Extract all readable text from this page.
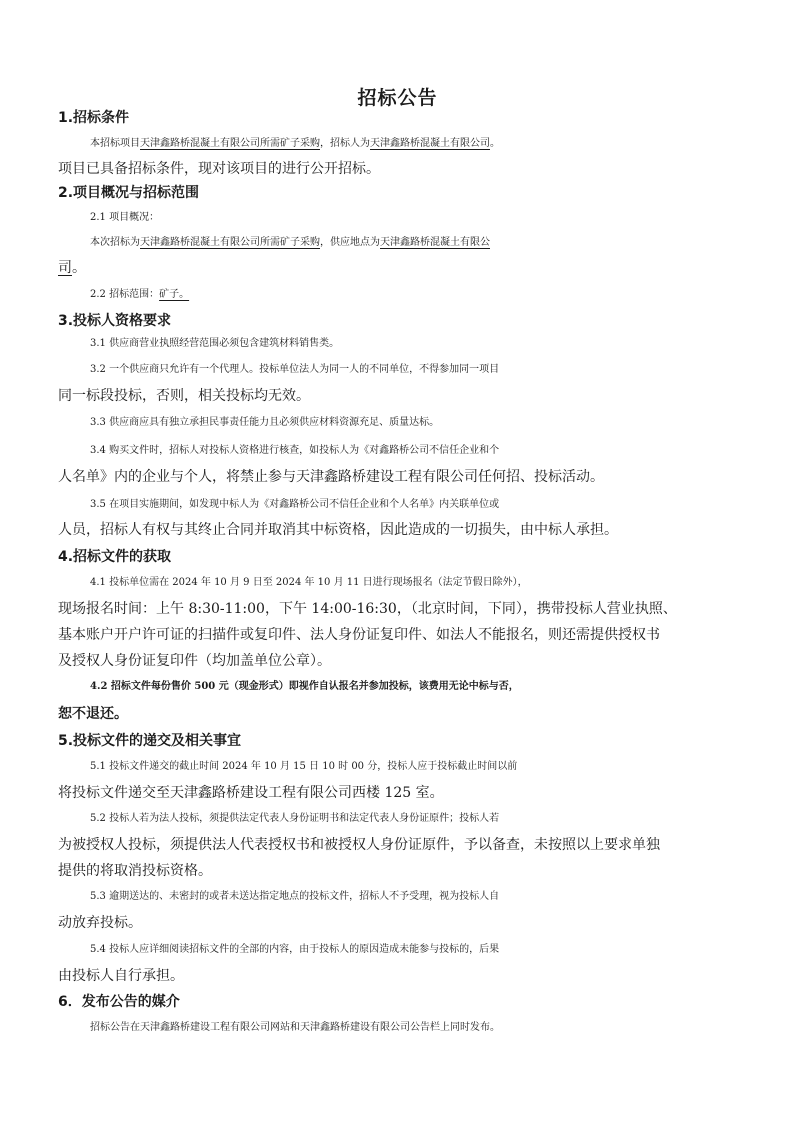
招标公告
1.招标条件
本招标项目天津鑫路桥混凝土有限公司所需矿子采购，招标人为天津鑫路桥混凝土有限公司。
项目已具备招标条件，现对该项目的进行公开招标。
2.项目概况与招标范围
2.1 项目概况：
本次招标为天津鑫路桥混凝土有限公司所需矿子采购，供应地点为天津鑫路桥混凝土有限公
司。
2.2 招标范围：矿子。
3.投标人资格要求
3.1 供应商营业执照经营范围必须包含建筑材料销售类。
3.2 一个供应商只允许有一个代理人。投标单位法人为同一人的不同单位，不得参加同一项目
同一标段投标，否则，相关投标均无效。
3.3 供应商应具有独立承担民事责任能力且必须供应材料资源充足、质量达标。
3.4 购买文件时，招标人对投标人资格进行核查，如投标人为《对鑫路桥公司不信任企业和个
人名单》内的企业与个人，将禁止参与天津鑫路桥建设工程有限公司任何招、投标活动。
3.5 在项目实施期间，如发现中标人为《对鑫路桥公司不信任企业和个人名单》内关联单位或
人员，招标人有权与其终止合同并取消其中标资格，因此造成的一切损失，由中标人承担。
4.招标文件的获取
4.1 投标单位需在 2024 年 10 月 9 日至 2024 年 10 月 11 日进行现场报名（法定节假日除外），
现场报名时间：上午 8:30-11:00，下午 14:00-16:30，（北京时间，下同），携带投标人营业执照、
基本账户开户许可证的扫描件或复印件、法人身份证复印件、如法人不能报名，则还需提供授权书
及授权人身份证复印件（均加盖单位公章）。
4.2 招标文件每份售价 500 元（现金形式）即视作自认报名并参加投标，该费用无论中标与否，
恕不退还。
5.投标文件的递交及相关事宜
5.1 投标文件递交的截止时间 2024 年 10 月 15 日 10 时 00 分，投标人应于投标截止时间以前
将投标文件递交至天津鑫路桥建设工程有限公司西楼 125 室。
5.2 投标人若为法人投标，须提供法定代表人身份证明书和法定代表人身份证原件；投标人若
为被授权人投标，须提供法人代表授权书和被授权人身份证原件，予以备查，未按照以上要求单独
提供的将取消投标资格。
5.3 逾期送达的、未密封的或者未送达指定地点的投标文件，招标人不予受理，视为投标人自
动放弃投标。
5.4 投标人应详细阅读招标文件的全部的内容，由于投标人的原因造成未能参与投标的，后果
由投标人自行承担。
6．发布公告的媒介
招标公告在天津鑫路桥建设工程有限公司网站和天津鑫路桥建设有限公司公告栏上同时发布。
